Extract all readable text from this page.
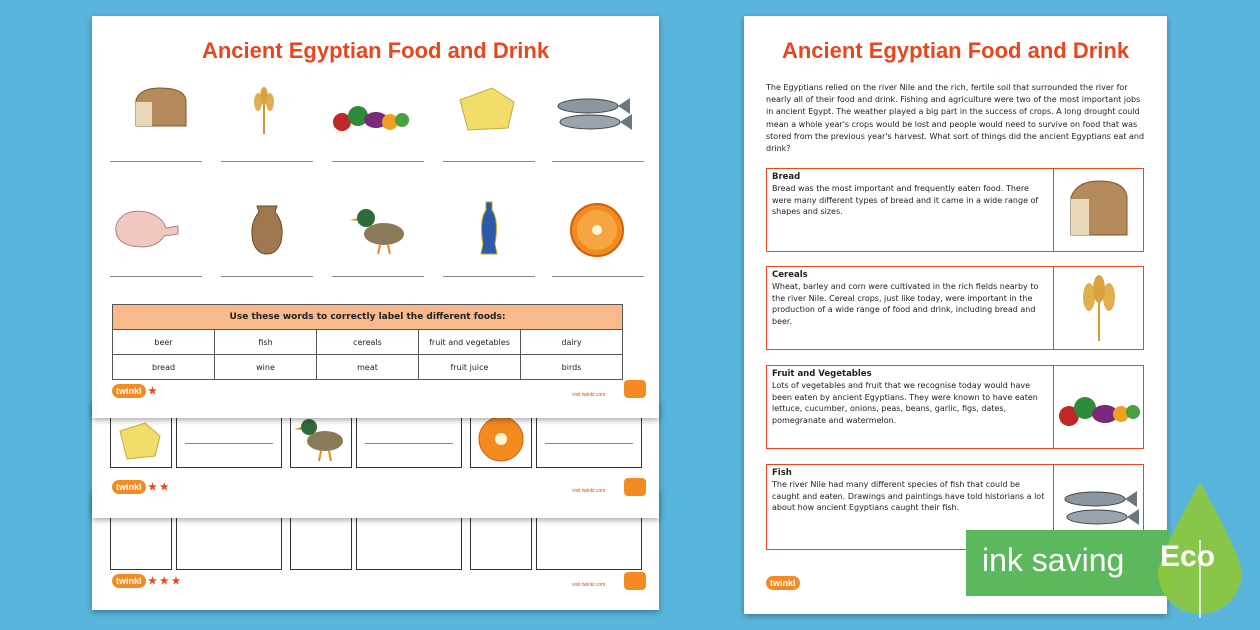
twinkl ★ ★ ★	visit twinkl.com
twinkl ★ ★	visit twinkl.com
Ancient Egyptian Food and Drink
Use these words to correctly label the different foods:				
beer	fish	cereals	fruit and vegetables	dairy
bread	wine	meat	fruit juice	birds
twinkl ★	visit twinkl.com
Ancient Egyptian Food and Drink
The Egyptians relied on the river Nile and the rich, fertile soil that surrounded the river for nearly all of their food and drink. Fishing and agriculture were two of the most important jobs in ancient Egypt. The weather played a big part in the success of crops. A long drought could mean a whole year's crops would be lost and people would need to survive on food that was stored from the previous year's harvest. What sort of things did the ancient Egyptians eat and drink?
Bread
Bread was the most important and frequently eaten food. There were many different types of bread and it came in a wide range of shapes and sizes.
Cereals
Wheat, barley and corn were cultivated in the rich fields nearby to the river Nile. Cereal crops, just like today, were important in the production of a wide range of food and drink, including bread and beer.
Fruit and Vegetables
Lots of vegetables and fruit that we recognise today would have been eaten by ancient Egyptians. They were known to have eaten lettuce, cucumber, onions, peas, beans, garlic, figs, dates, pomegranate and watermelon.
Fish
The river Nile had many different species of fish that could be caught and eaten. Drawings and paintings have told historians a lot about how ancient Egyptians caught their fish.
twinkl
ink saving Eco
